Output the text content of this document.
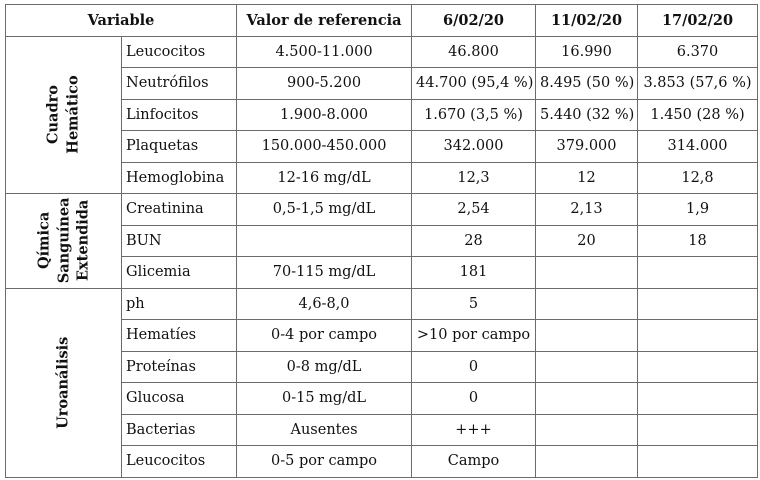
Variable		Valor de referencia	6/02/20	11/02/20	17/02/20

Cuadro Hemático	Leucocitos	4.500-11.000	46.800	16.990	6.370
	Neutrófilos	900-5.200	44.700 (95,4 %)	8.495 (50 %)	3.853 (57,6 %)
	Linfocitos	1.900-8.000	1.670 (3,5 %)	5.440 (32 %)	1.450 (28 %)
	Plaquetas	150.000-450.000	342.000	379.000	314.000
	Hemoglobina	12-16 mg/dL	12,3	12	12,8

Qímica Sanguínea Extendida	Creatinina	0,5-1,5 mg/dL	2,54	2,13	1,9
	BUN		28	20	18
	Glicemia	70-115 mg/dL	181		

Uroanálisis	ph	4,6-8,0	5		
	Hematíes	0-4 por campo	>10 por campo		
	Proteínas	0-8 mg/dL	0		
	Glucosa	0-15 mg/dL	0		
	Bacterias	Ausentes	+++		
	Leucocitos	0-5 por campo	Campo		
